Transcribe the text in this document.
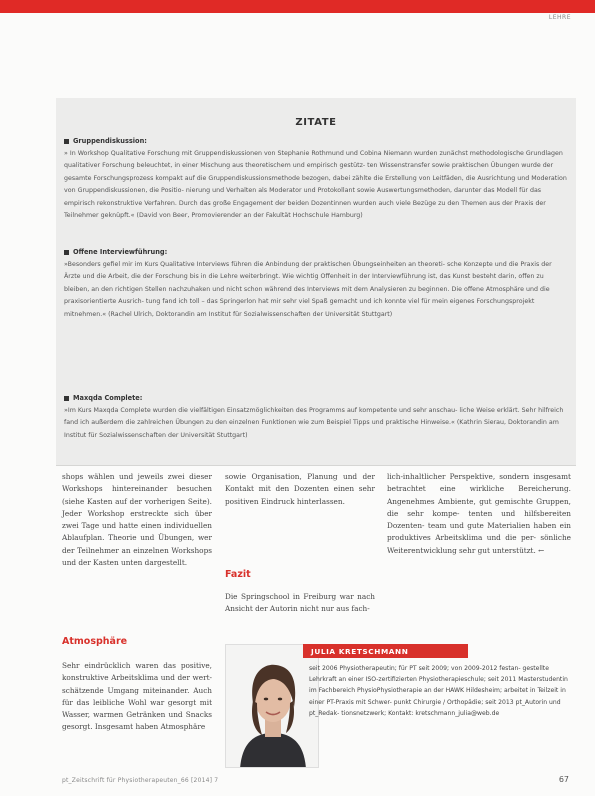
LEHRE
ZITATE
Gruppendiskussion:
» In Workshop Qualitative Forschung mit Gruppendiskussionen von Stephanie Rothmund und Cobina Niemann wurden zunächst methodologische Grundlagen qualitativer Forschung beleuchtet, in einer Mischung aus theoretischem und empirisch gestütz- ten Wissenstransfer sowie praktischen Übungen wurde der gesamte Forschungsprozess kompakt auf die Gruppendiskussionsmethode bezogen, dabei zählte die Erstellung von Leitfäden, die Ausrichtung und Moderation von Gruppendiskussionen, die Positio- nierung und Verhalten als Moderator und Protokollant sowie Auswertungsmethoden, darunter das Modell für das empirisch rekonstruktive Verfahren. Durch das große Engagement der beiden Dozentinnen wurden auch viele Bezüge zu den Themen aus der Praxis der Teilnehmer geknüpft.« (David von Beer, Promovierender an der Fakultät Hochschule Hamburg)
Offene Interviewführung:
»Besonders gefiel mir im Kurs Qualitative Interviews führen die Anbindung der praktischen Übungseinheiten an theoreti- sche Konzepte und die Praxis der Ärzte und die Arbeit, die der Forschung bis in die Lehre weiterbringt. Wie wichtig Offenheit in der Interviewführung ist, das Kunst besteht darin, offen zu bleiben, an den richtigen Stellen nachzuhaken und nicht schon während des Interviews mit dem Analysieren zu beginnen. Die offene Atmosphäre und die praxisorientierte Ausrich- tung fand ich toll – das Springerlon hat mir sehr viel Spaß gemacht und ich konnte viel für mein eigenes Forschungsprojekt mitnehmen.« (Rachel Ulrich, Doktorandin am Institut für Sozialwissenschaften der Universität Stuttgart)
Maxqda Complete:
»Im Kurs Maxqda Complete wurden die vielfältigen Einsatzmöglichkeiten des Programms auf kompetente und sehr anschau- liche Weise erklärt. Sehr hilfreich fand ich außerdem die zahlreichen Übungen zu den einzelnen Funktionen wie zum Beispiel Tipps und praktische Hinweise.« (Kathrin Sierau, Doktorandin am Institut für Sozialwissenschaften der Universität Stuttgart)
shops wählen und jeweils zwei dieser Workshops hintereinander besuchen (siehe Kasten auf der vorherigen Seite). Jeder Workshop erstreckte sich über zwei Tage und hatte einen individuellen Ablaufplan. Theorie und Übungen, wer der Teilnehmer an einzelnen Workshops und der Kasten unten dargestellt.
Atmosphäre
Sehr eindrücklich waren das positive, konstruktive Arbeitsklima und der wert- schätzende Umgang miteinander. Auch für das leibliche Wohl war gesorgt mit Wasser, warmen Getränken und Snacks gesorgt. Insgesamt haben Atmosphäre
sowie Organisation, Planung und der Kontakt mit den Dozenten einen sehr positiven Eindruck hinterlassen.
Fazit
Die Springschool in Freiburg war nach Ansicht der Autorin nicht nur aus fach-
lich-inhaltlicher Perspektive, sondern insgesamt betrachtet eine wirkliche Bereicherung. Angenehmes Ambiente, gut gemischte Gruppen, die sehr kompe- tenten und hilfsbereiten Dozenten- team und gute Materialien haben ein produktives Arbeitsklima und die per- sönliche Weiterentwicklung sehr gut unterstützt. ←
JULIA KRETSCHMANN
seit 2006 Physiotherapeutin; für PT seit 2009; von 2009-2012 festan- gestellte Lehrkraft an einer ISO-zertifizierten Physiotherapieschule; seit 2011 Masterstudentin im Fachbereich PhysioPhysiotherapie an der HAWK Hildesheim; arbeitet in Teilzeit in einer PT-Praxis mit Schwer- punkt Chirurgie / Orthopädie; seit 2013 pt_Autorin und pt_Redak- tionsnetzwerk; Kontakt: kretschmann_julia@web.de
pt_Zeitschrift für Physiotherapeuten_66 [2014] 7	67
